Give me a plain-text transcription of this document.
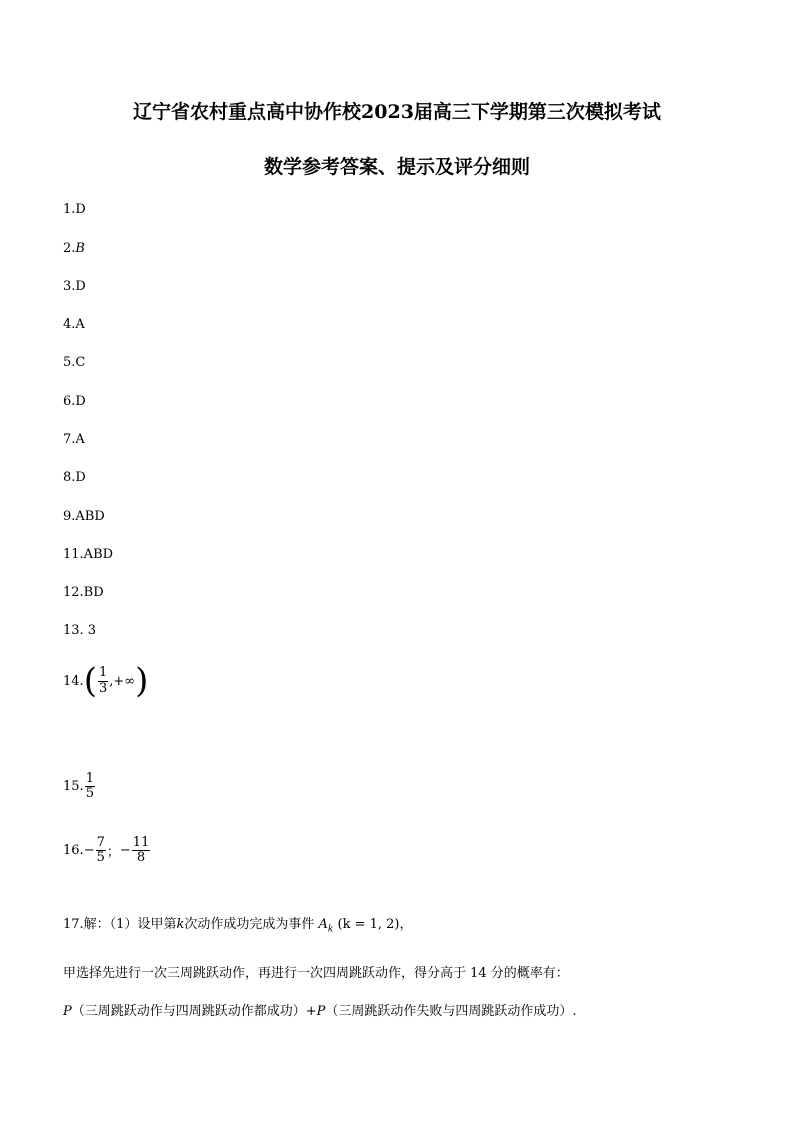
辽宁省农村重点高中协作校2023届高三下学期第三次模拟考试
数学参考答案、提示及评分细则
1.D
2.B
3.D
4.A
5.C
6.D
7.A
8.D
9.ABD
11.ABD
12.BD
13. 3
14. ( $\frac{1}{3}$ ,+∞ )
15. $\frac{1}{5}$
16. − $\frac{7}{5}$ ； − $\frac{11}{8}$
17.解：（1）设甲第k次动作成功完成为事件 $A_k$ (k = 1, 2)，
甲选择先进行一次三周跳跃动作，再进行一次四周跳跃动作，得分高于 14 分的概率有：
P（三周跳跃动作与四周跳跃动作都成功）+P（三周跳跃动作失败与四周跳跃动作成功）.
